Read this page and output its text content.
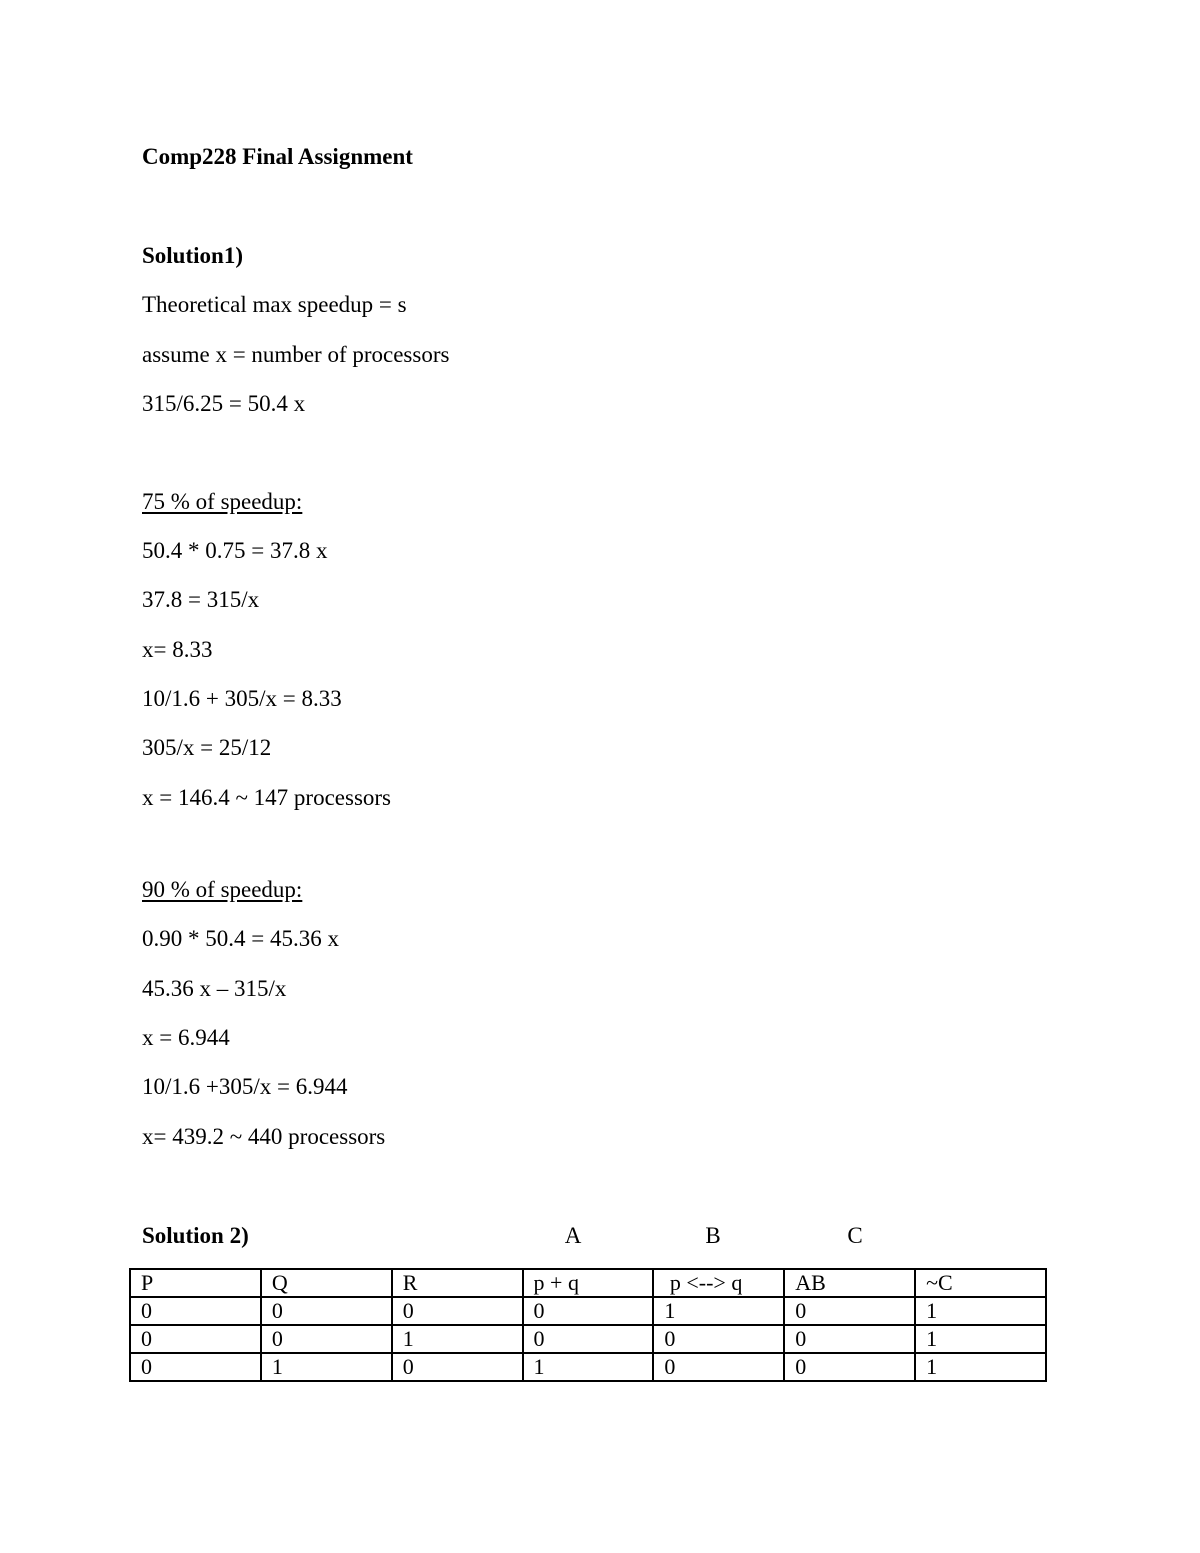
Comp228 Final Assignment
Solution1)
Theoretical max speedup = s
assume x = number of processors
315/6.25 = 50.4 x
75 % of speedup:
50.4 * 0.75 = 37.8 x
37.8 = 315/x
x= 8.33
10/1.6 + 305/x = 8.33
305/x = 25/12
x = 146.4 ~ 147 processors
90 % of speedup:
0.90 * 50.4 = 45.36 x
45.36 x – 315/x
x = 6.944
10/1.6 +305/x = 6.944
x= 439.2 ~ 440 processors
Solution 2)	A	B	C
P	Q	R	p + q	p <--> q	AB	~C
0	0	0	0	1	0	1
0	0	1	0	0	0	1
0	1	0	1	0	0	1
